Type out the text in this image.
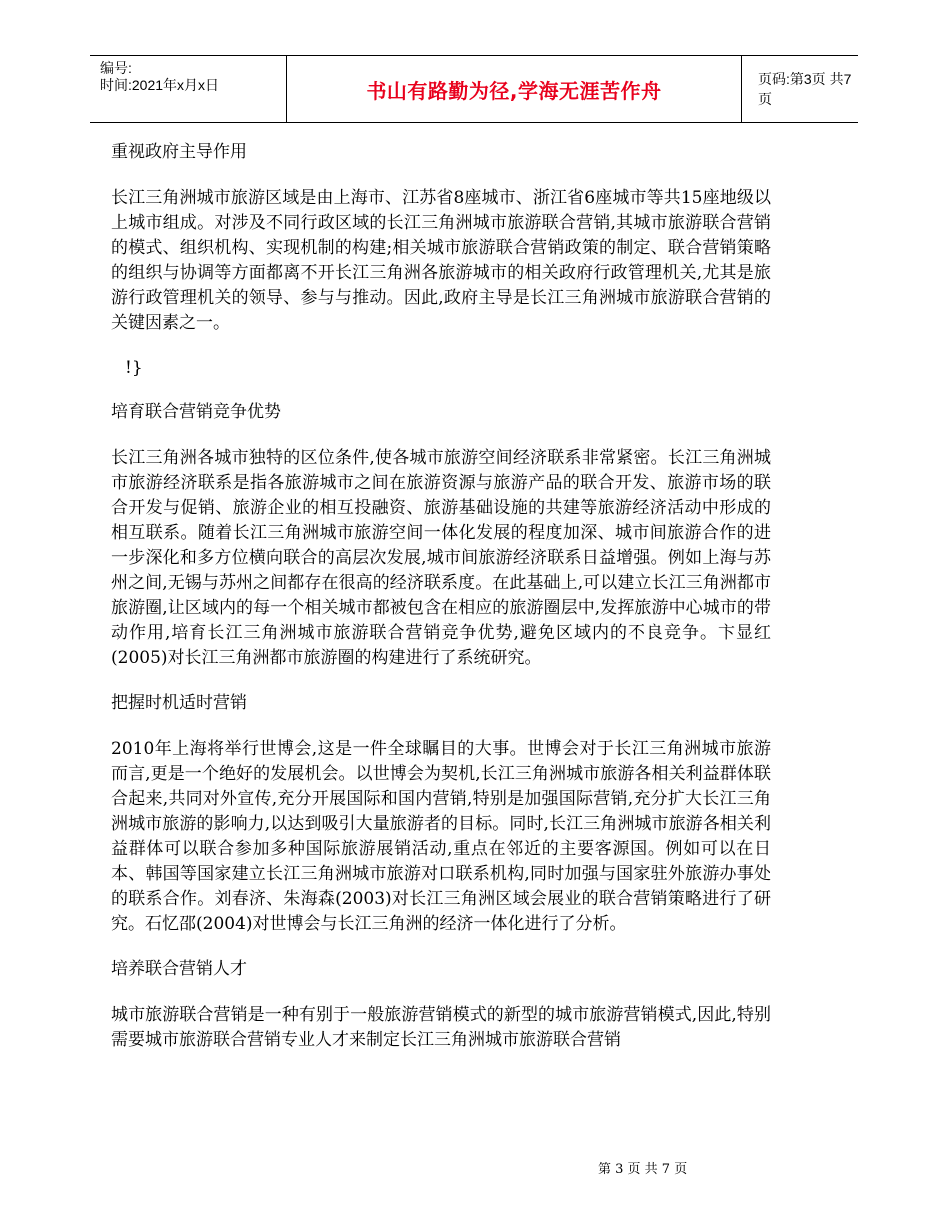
编号:
时间:2021年x月x日	书山有路勤为径,学海无涯苦作舟	页码:第3页 共7页

重视政府主导作用

长江三角洲城市旅游区域是由上海市、江苏省8座城市、浙江省6座城市等共15座地级以上城市组成。对涉及不同行政区域的长江三角洲城市旅游联合营销,其城市旅游联合营销的模式、组织机构、实现机制的构建;相关城市旅游联合营销政策的制定、联合营销策略的组织与协调等方面都离不开长江三角洲各旅游城市的相关政府行政管理机关,尤其是旅游行政管理机关的领导、参与与推动。因此,政府主导是长江三角洲城市旅游联合营销的关键因素之一。

!}

培育联合营销竞争优势

长江三角洲各城市独特的区位条件,使各城市旅游空间经济联系非常紧密。长江三角洲城市旅游经济联系是指各旅游城市之间在旅游资源与旅游产品的联合开发、旅游市场的联合开发与促销、旅游企业的相互投融资、旅游基础设施的共建等旅游经济活动中形成的相互联系。随着长江三角洲城市旅游空间一体化发展的程度加深、城市间旅游合作的进一步深化和多方位横向联合的高层次发展,城市间旅游经济联系日益增强。例如上海与苏州之间,无锡与苏州之间都存在很高的经济联系度。在此基础上,可以建立长江三角洲都市旅游圈,让区域内的每一个相关城市都被包含在相应的旅游圈层中,发挥旅游中心城市的带动作用,培育长江三角洲城市旅游联合营销竞争优势,避免区域内的不良竞争。卞显红(2005)对长江三角洲都市旅游圈的构建进行了系统研究。

把握时机适时营销

2010年上海将举行世博会,这是一件全球瞩目的大事。世博会对于长江三角洲城市旅游而言,更是一个绝好的发展机会。以世博会为契机,长江三角洲城市旅游各相关利益群体联合起来,共同对外宣传,充分开展国际和国内营销,特别是加强国际营销,充分扩大长江三角洲城市旅游的影响力,以达到吸引大量旅游者的目标。同时,长江三角洲城市旅游各相关利益群体可以联合参加多种国际旅游展销活动,重点在邻近的主要客源国。例如可以在日本、韩国等国家建立长江三角洲城市旅游对口联系机构,同时加强与国家驻外旅游办事处的联系合作。刘春济、朱海森(2003)对长江三角洲区域会展业的联合营销策略进行了研究。石忆邵(2004)对世博会与长江三角洲的经济一体化进行了分析。

培养联合营销人才

城市旅游联合营销是一种有别于一般旅游营销模式的新型的城市旅游营销模式,因此,特别需要城市旅游联合营销专业人才来制定长江三角洲城市旅游联合营销

第 3 页 共 7 页
